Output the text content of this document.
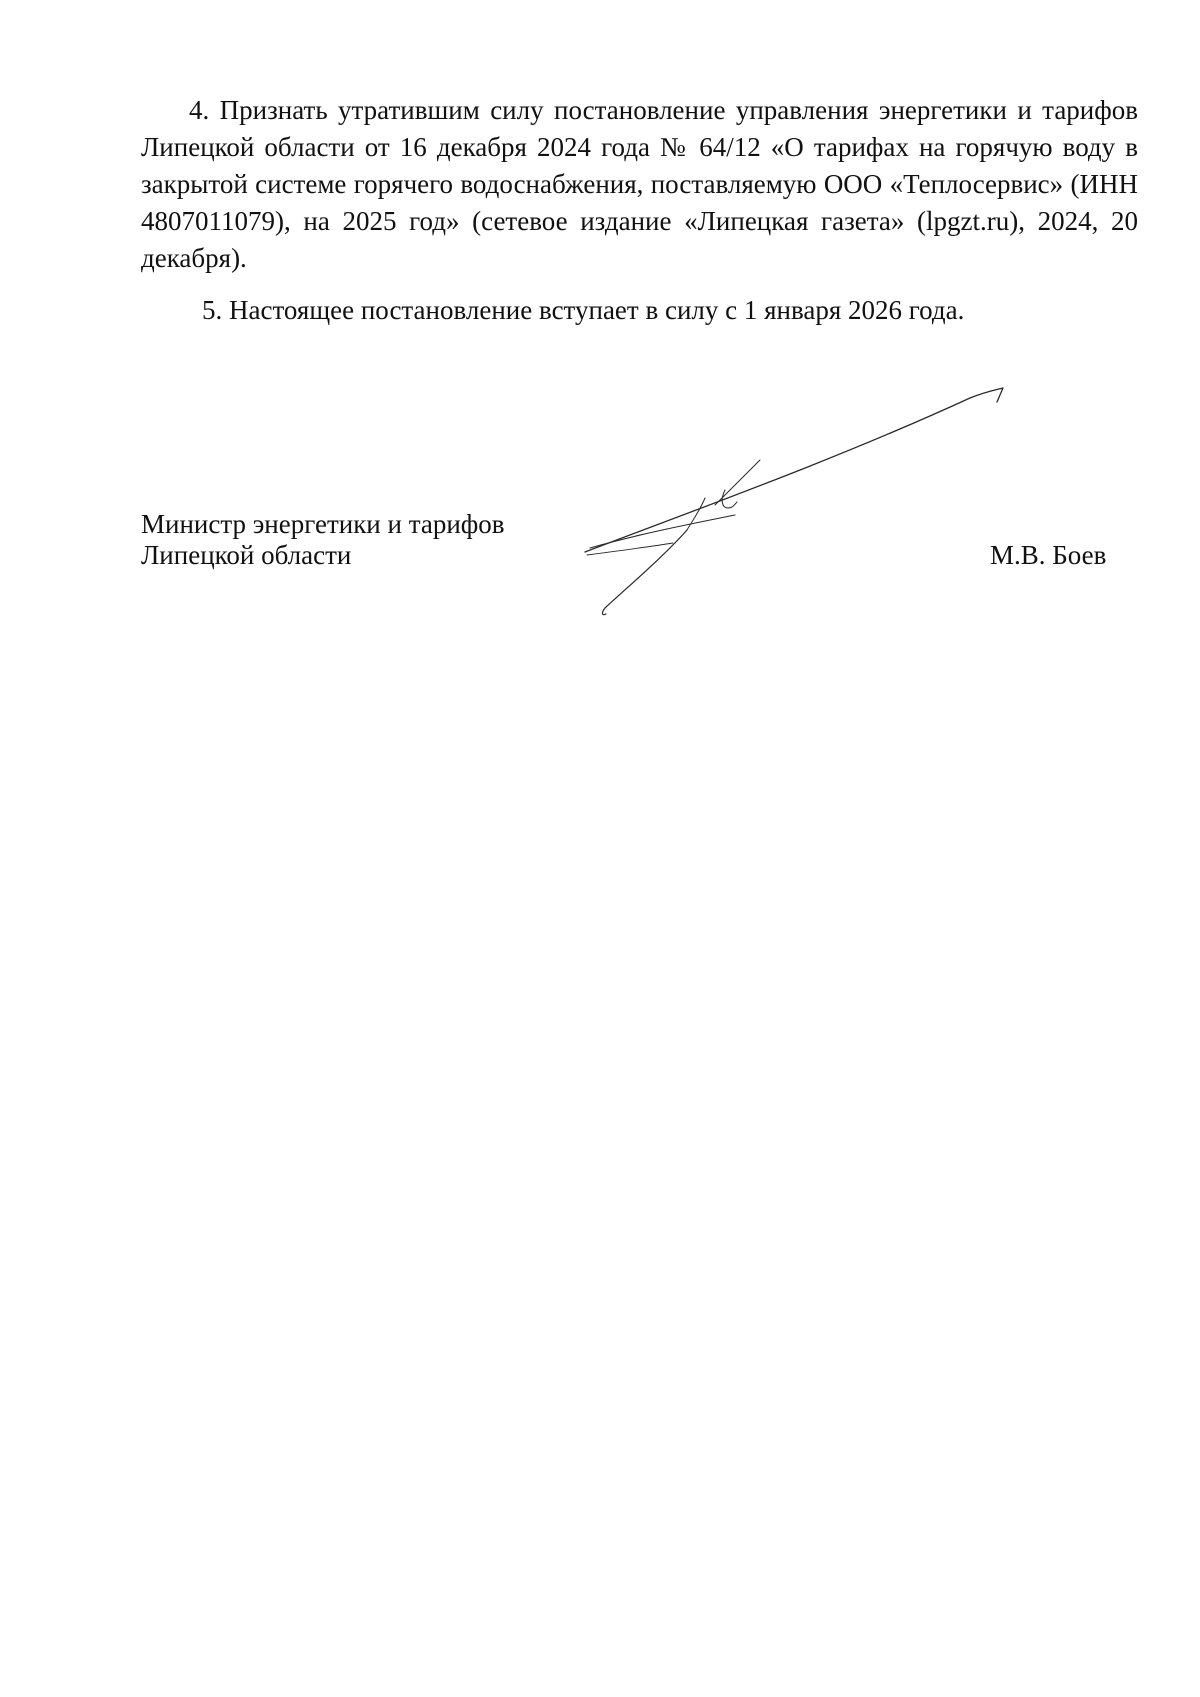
4. Признать утратившим силу постановление управления энергетики и тарифов Липецкой области от 16 декабря 2024 года № 64/12 «О тарифах на горячую воду в закрытой системе горячего водоснабжения, поставляемую ООО «Теплосервис» (ИНН 4807011079), на 2025 год» (сетевое издание «Липецкая газета» (lpgzt.ru), 2024, 20 декабря).

5. Настоящее постановление вступает в силу с 1 января 2026 года.

Министр энергетики и тарифов
Липецкой области	М.В. Боев
